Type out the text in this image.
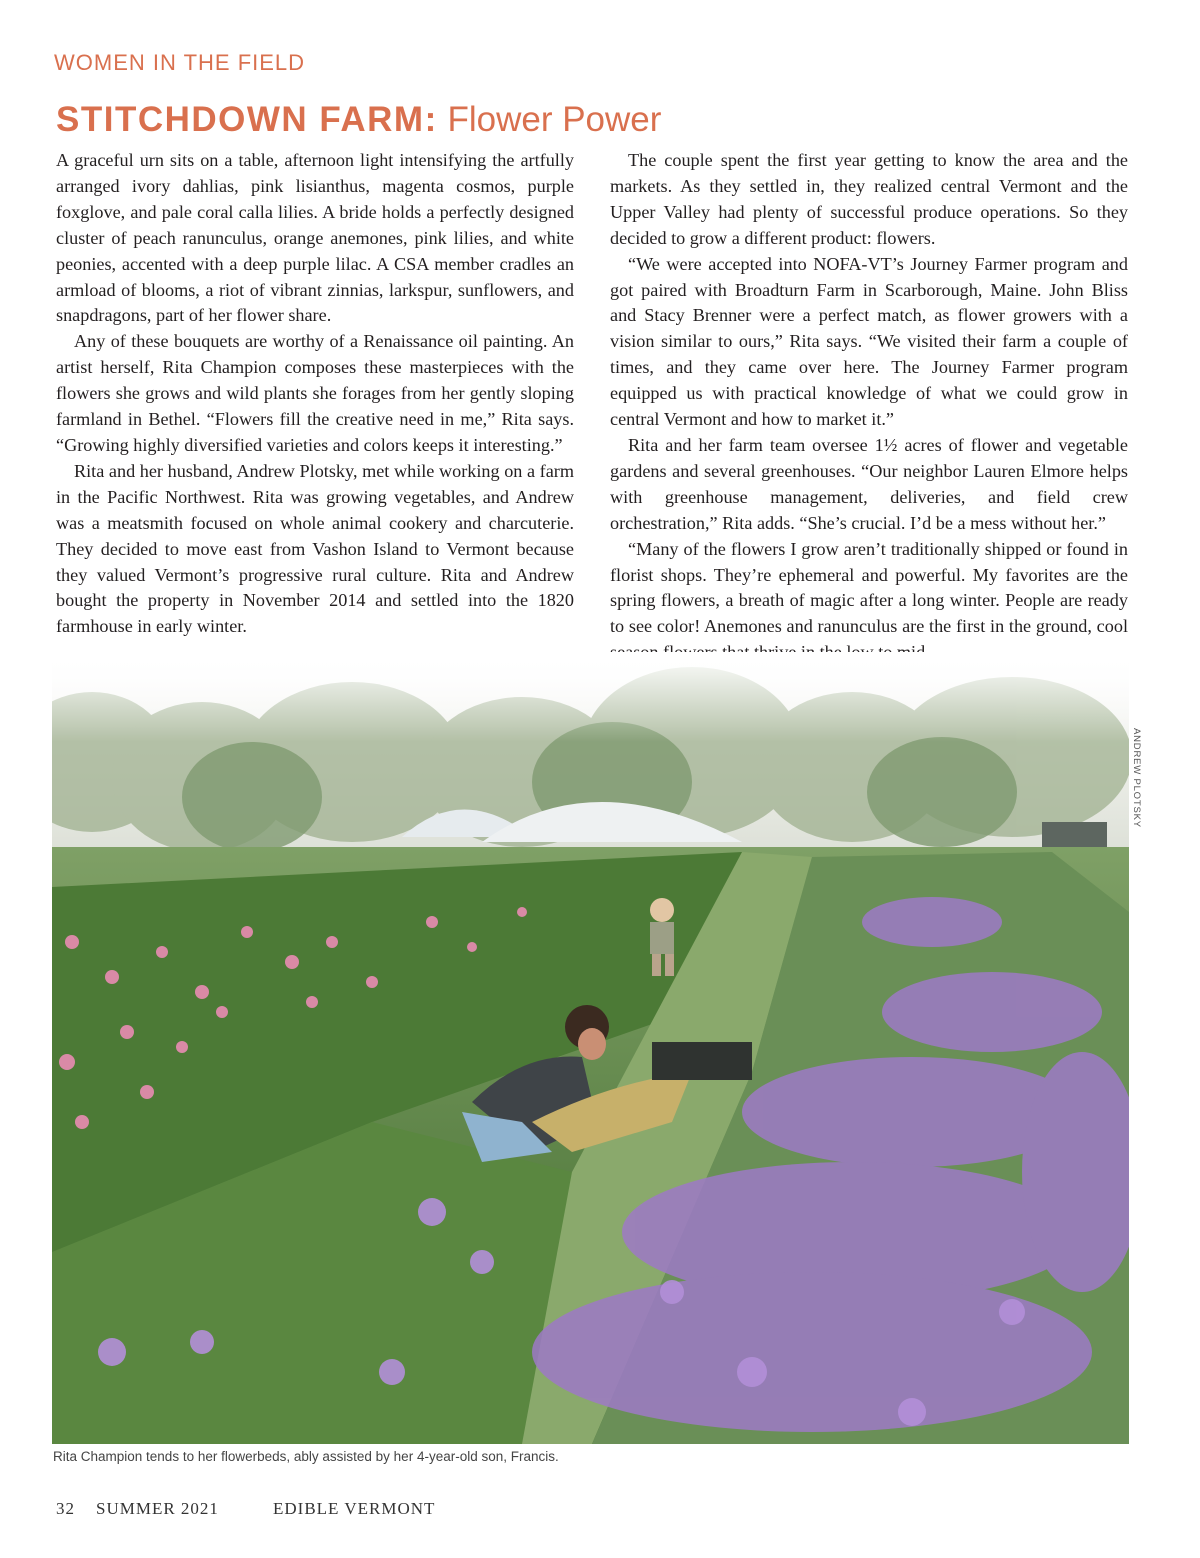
WOMEN IN THE FIELD
STITCHDOWN FARM: Flower Power

A graceful urn sits on a table, afternoon light intensifying the artfully arranged ivory dahlias, pink lisianthus, magenta cosmos, purple foxglove, and pale coral calla lilies. A bride holds a perfectly designed cluster of peach ranunculus, orange anemones, pink lilies, and white peonies, accented with a deep purple lilac. A CSA member cradles an armload of blooms, a riot of vibrant zinnias, larkspur, sunflowers, and snapdragons, part of her flower share.

Any of these bouquets are worthy of a Renaissance oil painting. An artist herself, Rita Champion composes these masterpieces with the flowers she grows and wild plants she forages from her gently sloping farmland in Bethel. “Flowers fill the creative need in me,” Rita says. “Growing highly diversified varieties and colors keeps it interesting.”

Rita and her husband, Andrew Plotsky, met while working on a farm in the Pacific Northwest. Rita was growing vegetables, and Andrew was a meatsmith focused on whole animal cookery and charcuterie. They decided to move east from Vashon Island to Vermont because they valued Vermont’s progressive rural culture. Rita and Andrew bought the property in November 2014 and settled into the 1820 farmhouse in early winter.

The couple spent the first year getting to know the area and the markets. As they settled in, they realized central Vermont and the Upper Valley had plenty of successful produce operations. So they decided to grow a different product: flowers.

“We were accepted into NOFA-VT’s Journey Farmer program and got paired with Broadturn Farm in Scarborough, Maine. John Bliss and Stacy Brenner were a perfect match, as flower growers with a vision similar to ours,” Rita says. “We visited their farm a couple of times, and they came over here. The Journey Farmer program equipped us with practical knowledge of what we could grow in central Vermont and how to market it.”

Rita and her farm team oversee 1½ acres of flower and vegetable gardens and several greenhouses. “Our neighbor Lauren Elmore helps with greenhouse management, deliveries, and field crew orchestration,” Rita adds. “She’s crucial. I’d be a mess without her.”

“Many of the flowers I grow aren’t traditionally shipped or found in florist shops. They’re ephemeral and powerful. My favorites are the spring flowers, a breath of magic after a long winter. People are ready to see color! Anemones and ranunculus are the first in the ground, cool

ANDREW PLOTSKY
Rita Champion tends to her flowerbeds, ably assisted by her 4-year-old son, Francis.
32 SUMMER 2021	EDIBLE VERMONT
